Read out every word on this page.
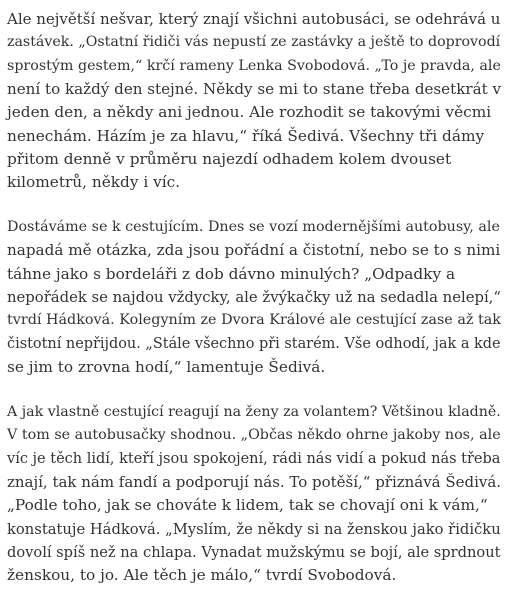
Ale největší nešvar, který znají všichni autobusáci, se odehrává u
zastávek. „Ostatní řidiči vás nepustí ze zastávky a ještě to doprovodí
sprostým gestem,“ krčí rameny Lenka Svobodová. „To je pravda, ale
není to každý den stejné. Někdy se mi to stane třeba desetkrát v
jeden den, a někdy ani jednou. Ale rozhodit se takovými věcmi
nenechám. Házím je za hlavu,“ říká Šedivá. Všechny tři dámy
přitom denně v průměru najezdí odhadem kolem dvouset
kilometrů, někdy i víc.
Dostáváme se k cestujícím. Dnes se vozí modernějšími autobusy, ale
napadá mě otázka, zda jsou pořádní a čistotní, nebo se to s nimi
táhne jako s bordeláři z dob dávno minulých? „Odpadky a
nepořádek se najdou vždycky, ale žvýkačky už na sedadla nelepí,“
tvrdí Hádková. Kolegyním ze Dvora Králové ale cestující zase až tak
čistotní nepřijdou. „Stále všechno při starém. Vše odhodí, jak a kde
se jim to zrovna hodí,“ lamentuje Šedivá.
A jak vlastně cestující reagují na ženy za volantem? Většinou kladně.
V tom se autobusačky shodnou. „Občas někdo ohrne jakoby nos, ale
víc je těch lidí, kteří jsou spokojení, rádi nás vidí a pokud nás třeba
znají, tak nám fandí a podporují nás. To potěší,“ přiznává Šedivá.
„Podle toho, jak se chováte k lidem, tak se chovají oni k vám,“
konstatuje Hádková. „Myslím, že někdy si na ženskou jako řidičku
dovolí spíš než na chlapa. Vynadat mužskýmu se bojí, ale sprdnout
ženskou, to jo. Ale těch je málo,“ tvrdí Svobodová.
